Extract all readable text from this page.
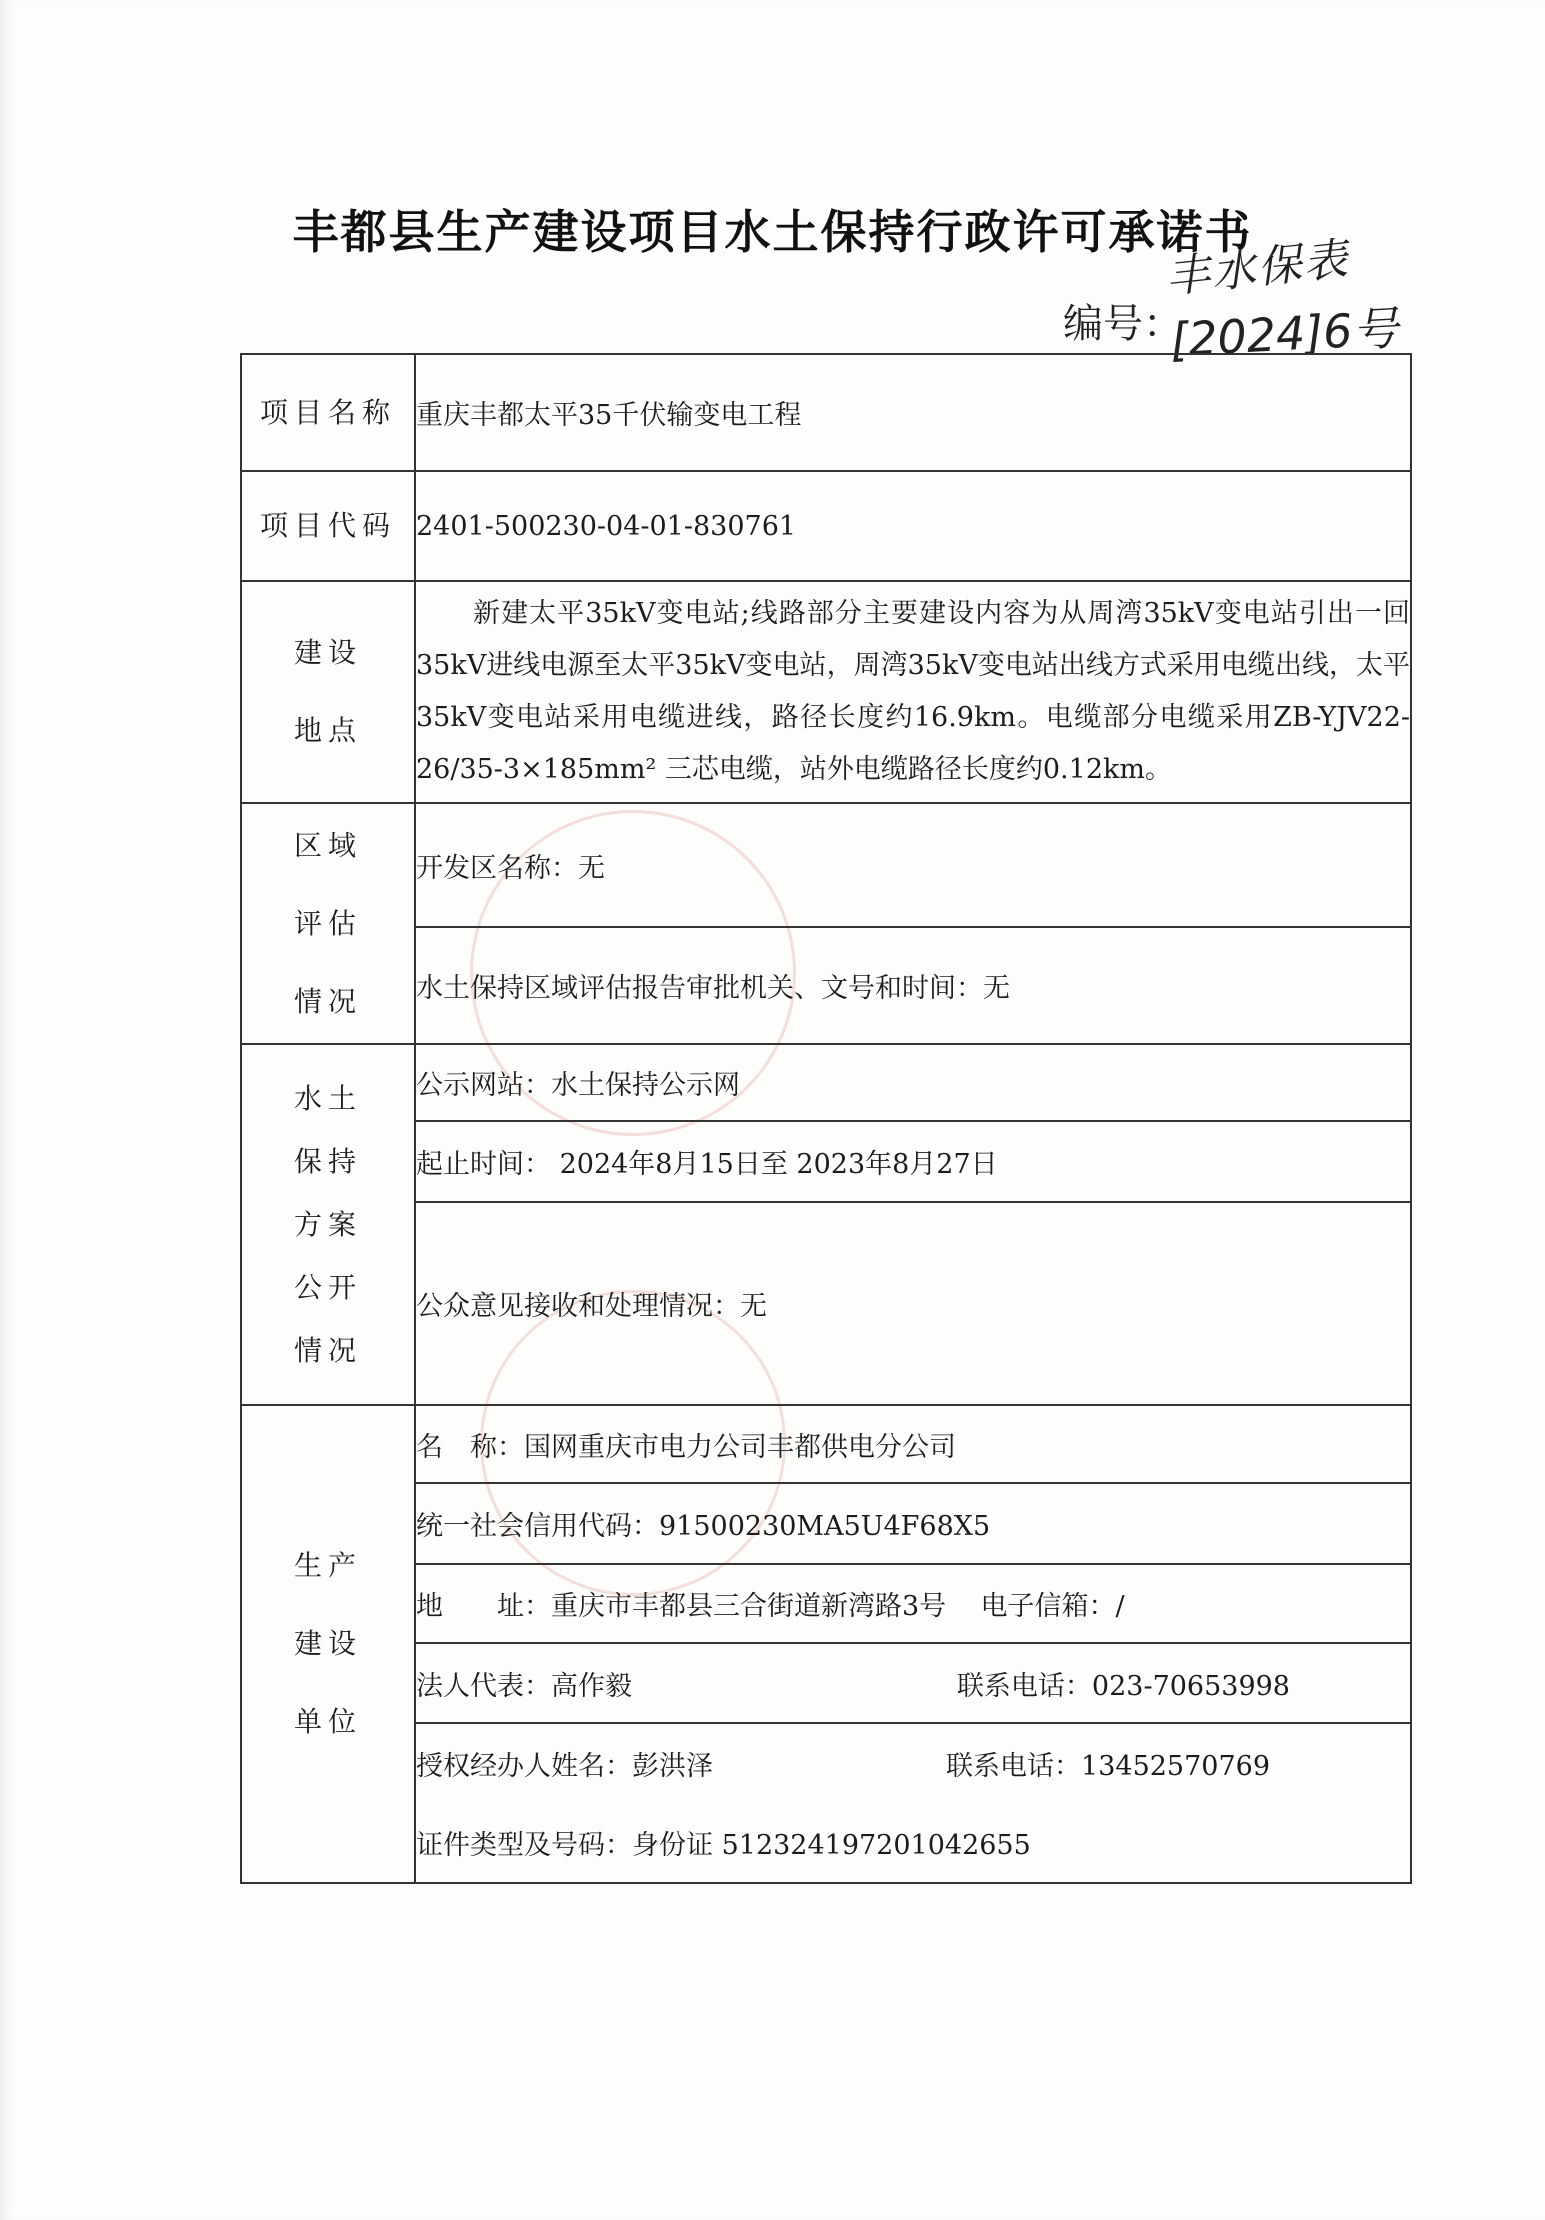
丰都县生产建设项目水土保持行政许可承诺书
丰水保表
编号：
[2024]6号
项目名称	重庆丰都太平35千伏输变电工程
项目代码	2401-500230-04-01-830761

建设
地点	新建太平35kV变电站;线路部分主要建设内容为从周湾35kV变电站引出一回35kV进线电源至太平35kV变电站，周湾35kV变电站出线方式采用电缆出线，太平35kV变电站采用电缆进线，路径长度约16.9km。电缆部分电缆采用ZB-YJV22-26/35-3×185mm² 三芯电缆，站外电缆路径长度约0.12km。

区域
评估
情况	开发区名称：无
	水土保持区域评估报告审批机关、文号和时间：无

水土
保持
方案
公开
情况	公示网站：水土保持公示网
	起止时间： 2024年8月15日至 2023年8月27日
	公众意见接收和处理情况：无

生产
建设
单位	名　称：国网重庆市电力公司丰都供电分公司
	统一社会信用代码：91500230MA5U4F68X5
	地　　址：重庆市丰都县三合街道新湾路3号 电子信箱：/

	法人代表：高作毅 联系电话：023-70653998

	授权经办人姓名：彭洪泽 联系电话：13452570769

	证件类型及号码：身份证 512324197201042655
